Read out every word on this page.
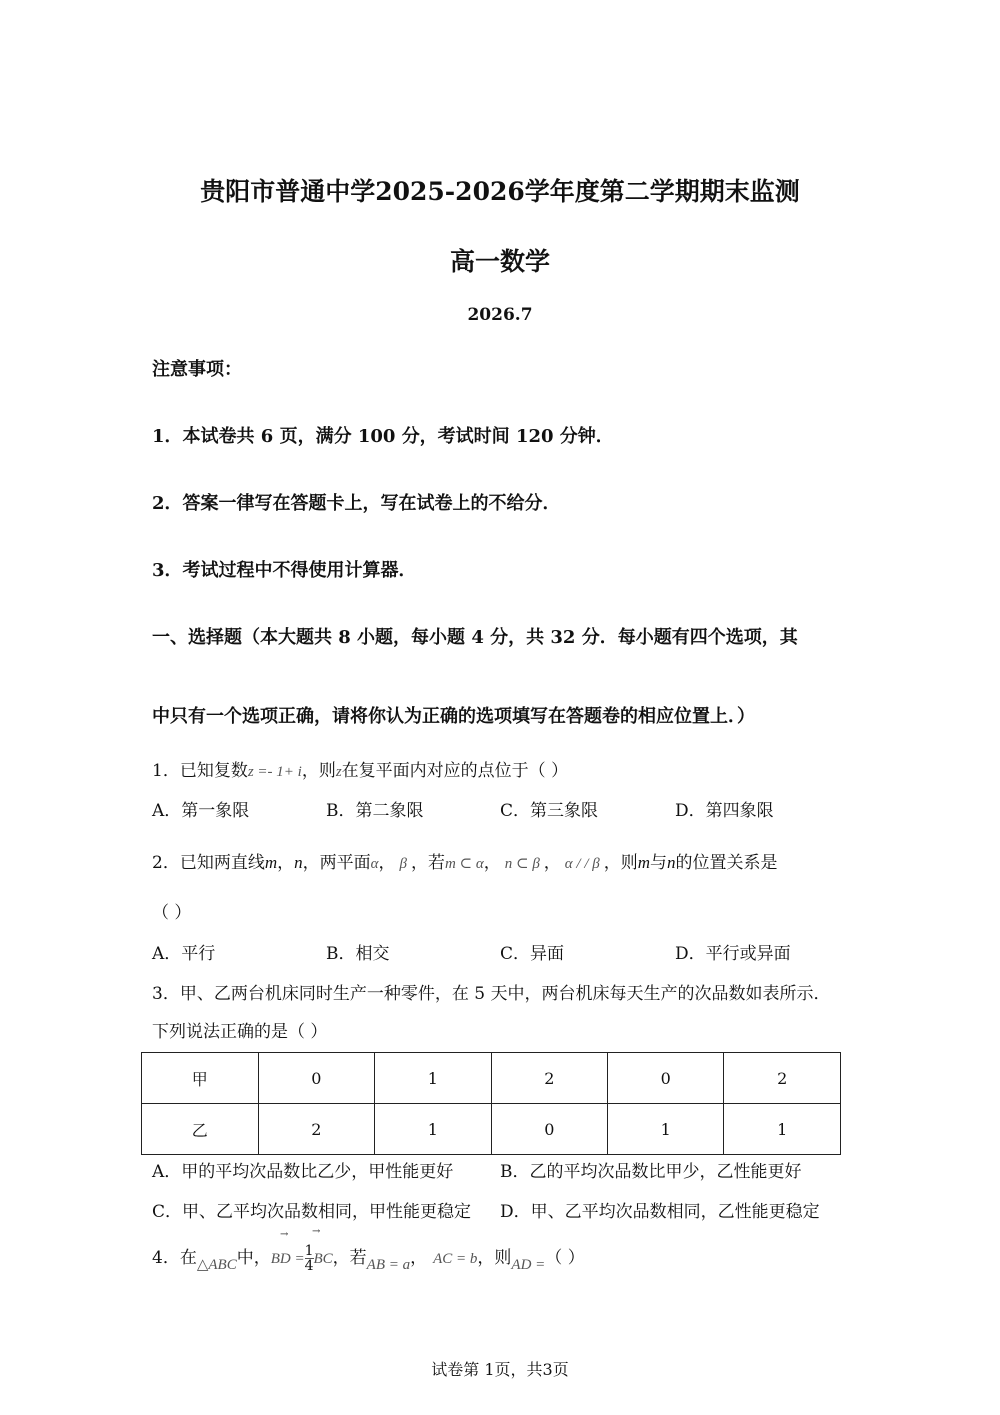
贵阳市普通中学2025-2026学年度第二学期期末监测
高一数学
2026.7
注意事项：
1．本试卷共 6 页，满分 100 分，考试时间 120 分钟．
2．答案一律写在答题卡上，写在试卷上的不给分．
3．考试过程中不得使用计算器．
一、选择题（本大题共 8 小题，每小题 4 分，共 32 分．每小题有四个选项，其
中只有一个选项正确，请将你认为正确的选项填写在答题卷的相应位置上．）
1．已知复数z =- 1+ i，则z在复平面内对应的点位于（ ）
A．第一象限	B．第二象限	C．第三象限	D．第四象限
2．已知两直线m，n，两平面α， β ，若m ⊂ α， n ⊂ β ， α / / β ，则m与n的位置关系是
（ ）
A．平行	B．相交	C．异面	D．平行或异面
3．甲、乙两台机床同时生产一种零件，在 5 天中，两台机床每天生产的次品数如表所示．
下列说法正确的是（ ）
甲	0	1	2	0	2
乙	2	1	0	1	1
A．甲的平均次品数比乙少，甲性能更好	B．乙的平均次品数比甲少，乙性能更好
C．甲、乙平均次品数相同，甲性能更稳定 D．甲、乙平均次品数相同，乙性能更稳定
→ →
4．在△ABC中，BD = $\frac{1}{4}$ BC，若AB = a， AC = b，则AD =（ ）
试卷第 1页，共3页
